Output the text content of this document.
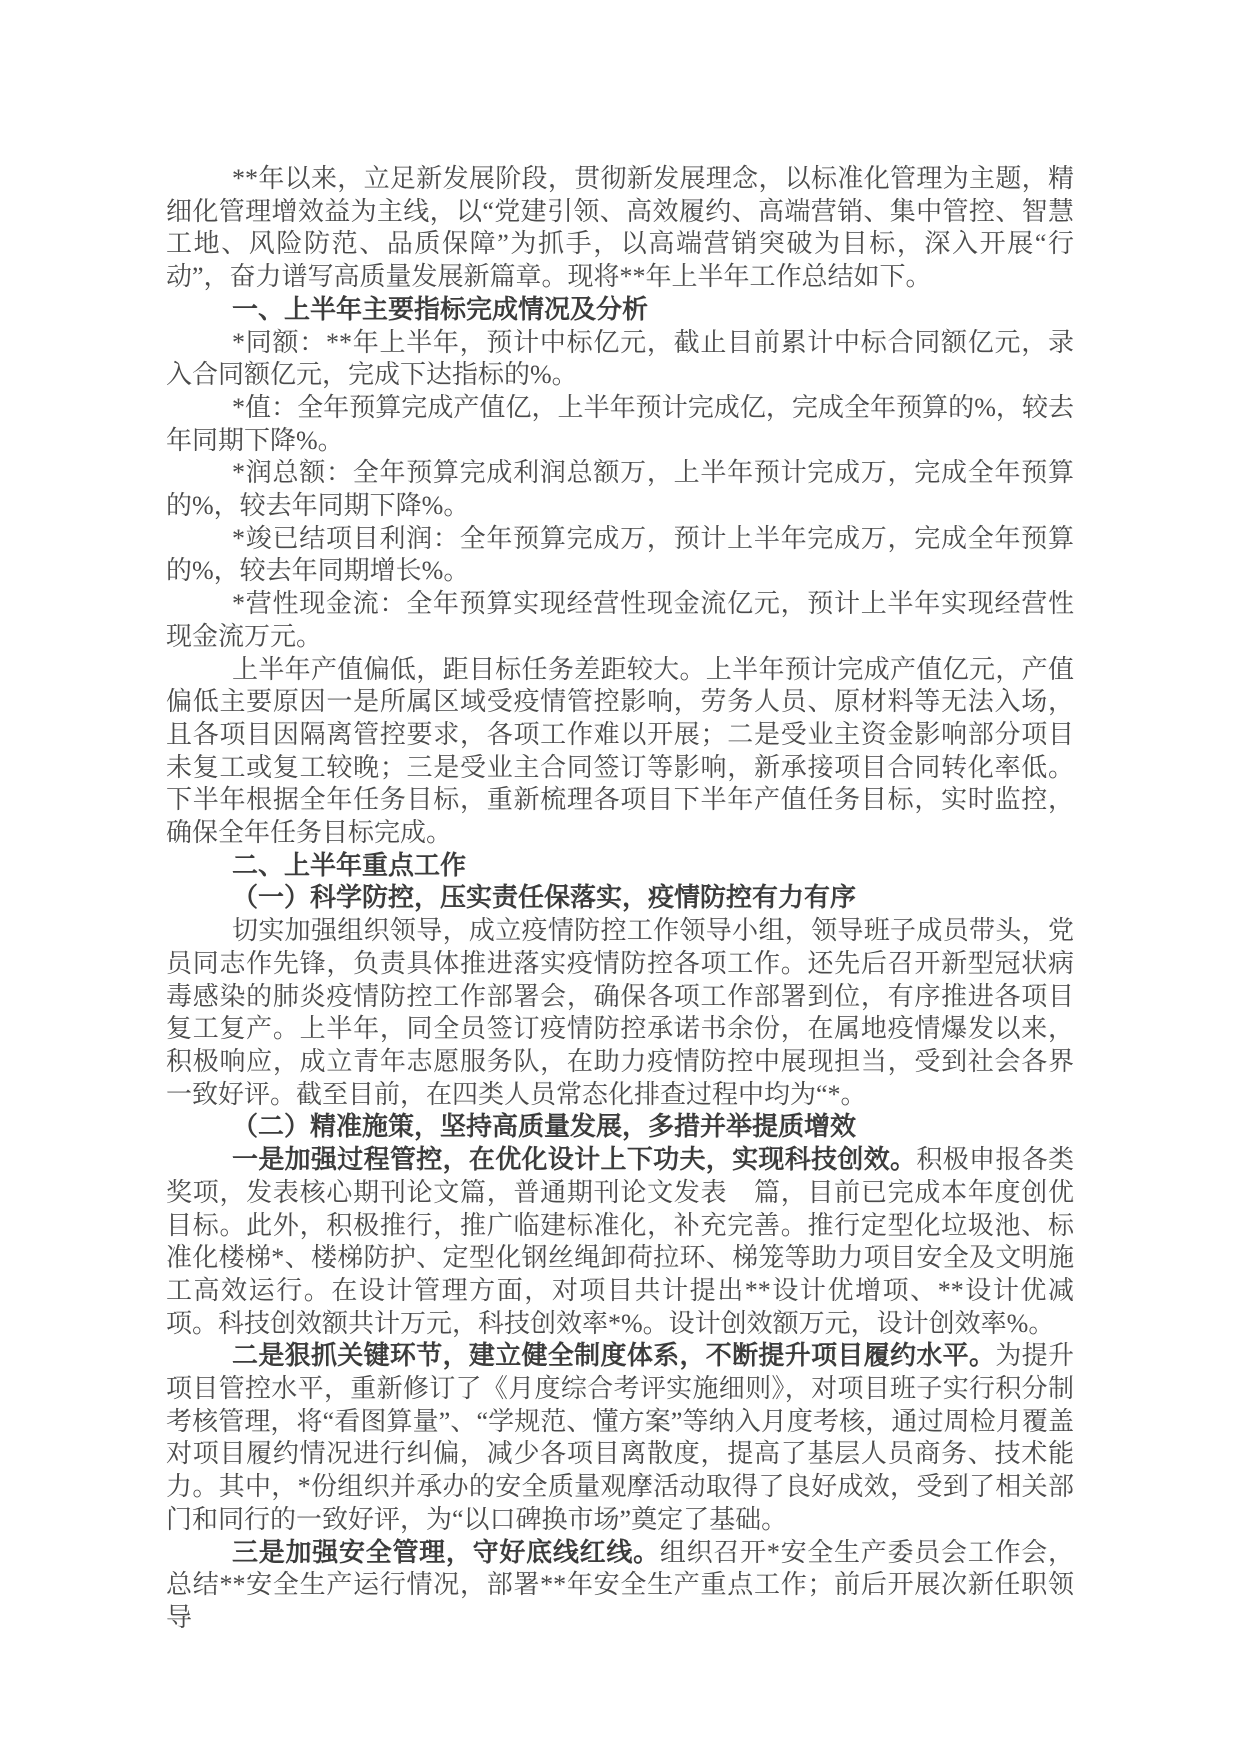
**年以来，立足新发展阶段，贯彻新发展理念，以标准化管理为主题，精细化管理增效益为主线，以“党建引领、高效履约、高端营销、集中管控、智慧工地、风险防范、品质保障”为抓手，以高端营销突破为目标，深入开展“行动”，奋力谱写高质量发展新篇章。现将**年上半年工作总结如下。

一、上半年主要指标完成情况及分析

*同额：**年上半年，预计中标亿元，截止目前累计中标合同额亿元，录入合同额亿元，完成下达指标的%。

*值：全年预算完成产值亿，上半年预计完成亿，完成全年预算的%，较去年同期下降%。

*润总额：全年预算完成利润总额万，上半年预计完成万，完成全年预算的%，较去年同期下降%。

*竣已结项目利润：全年预算完成万，预计上半年完成万，完成全年预算的%，较去年同期增长%。

*营性现金流：全年预算实现经营性现金流亿元，预计上半年实现经营性现金流万元。

上半年产值偏低，距目标任务差距较大。上半年预计完成产值亿元，产值偏低主要原因一是所属区域受疫情管控影响，劳务人员、原材料等无法入场，且各项目因隔离管控要求，各项工作难以开展；二是受业主资金影响部分项目未复工或复工较晚；三是受业主合同签订等影响，新承接项目合同转化率低。下半年根据全年任务目标，重新梳理各项目下半年产值任务目标，实时监控，确保全年任务目标完成。

二、上半年重点工作

（一）科学防控，压实责任保落实，疫情防控有力有序

切实加强组织领导，成立疫情防控工作领导小组，领导班子成员带头，党员同志作先锋，负责具体推进落实疫情防控各项工作。还先后召开新型冠状病毒感染的肺炎疫情防控工作部署会，确保各项工作部署到位，有序推进各项目复工复产。上半年，同全员签订疫情防控承诺书余份，在属地疫情爆发以来，积极响应，成立青年志愿服务队，在助力疫情防控中展现担当，受到社会各界一致好评。截至目前，在四类人员常态化排查过程中均为“*。

（二）精准施策，坚持高质量发展，多措并举提质增效

一是加强过程管控，在优化设计上下功夫，实现科技创效。积极申报各类奖项，发表核心期刊论文篇，普通期刊论文发表　篇，目前已完成本年度创优目标。此外，积极推行，推广临建标准化，补充完善。推行定型化垃圾池、标准化楼梯*、楼梯防护、定型化钢丝绳卸荷拉环、梯笼等助力项目安全及文明施工高效运行。在设计管理方面，对项目共计提出**设计优增项、**设计优减项。科技创效额共计万元，科技创效率*%。设计创效额万元，设计创效率%。

二是狠抓关键环节，建立健全制度体系，不断提升项目履约水平。为提升项目管控水平，重新修订了《月度综合考评实施细则》，对项目班子实行积分制考核管理，将“看图算量”、“学规范、懂方案”等纳入月度考核，通过周检月覆盖对项目履约情况进行纠偏，减少各项目离散度，提高了基层人员商务、技术能力。其中，*份组织并承办的安全质量观摩活动取得了良好成效，受到了相关部门和同行的一致好评，为“以口碑换市场”奠定了基础。

三是加强安全管理，守好底线红线。组织召开*安全生产委员会工作会，总结**安全生产运行情况，部署**年安全生产重点工作；前后开展次新任职领导
